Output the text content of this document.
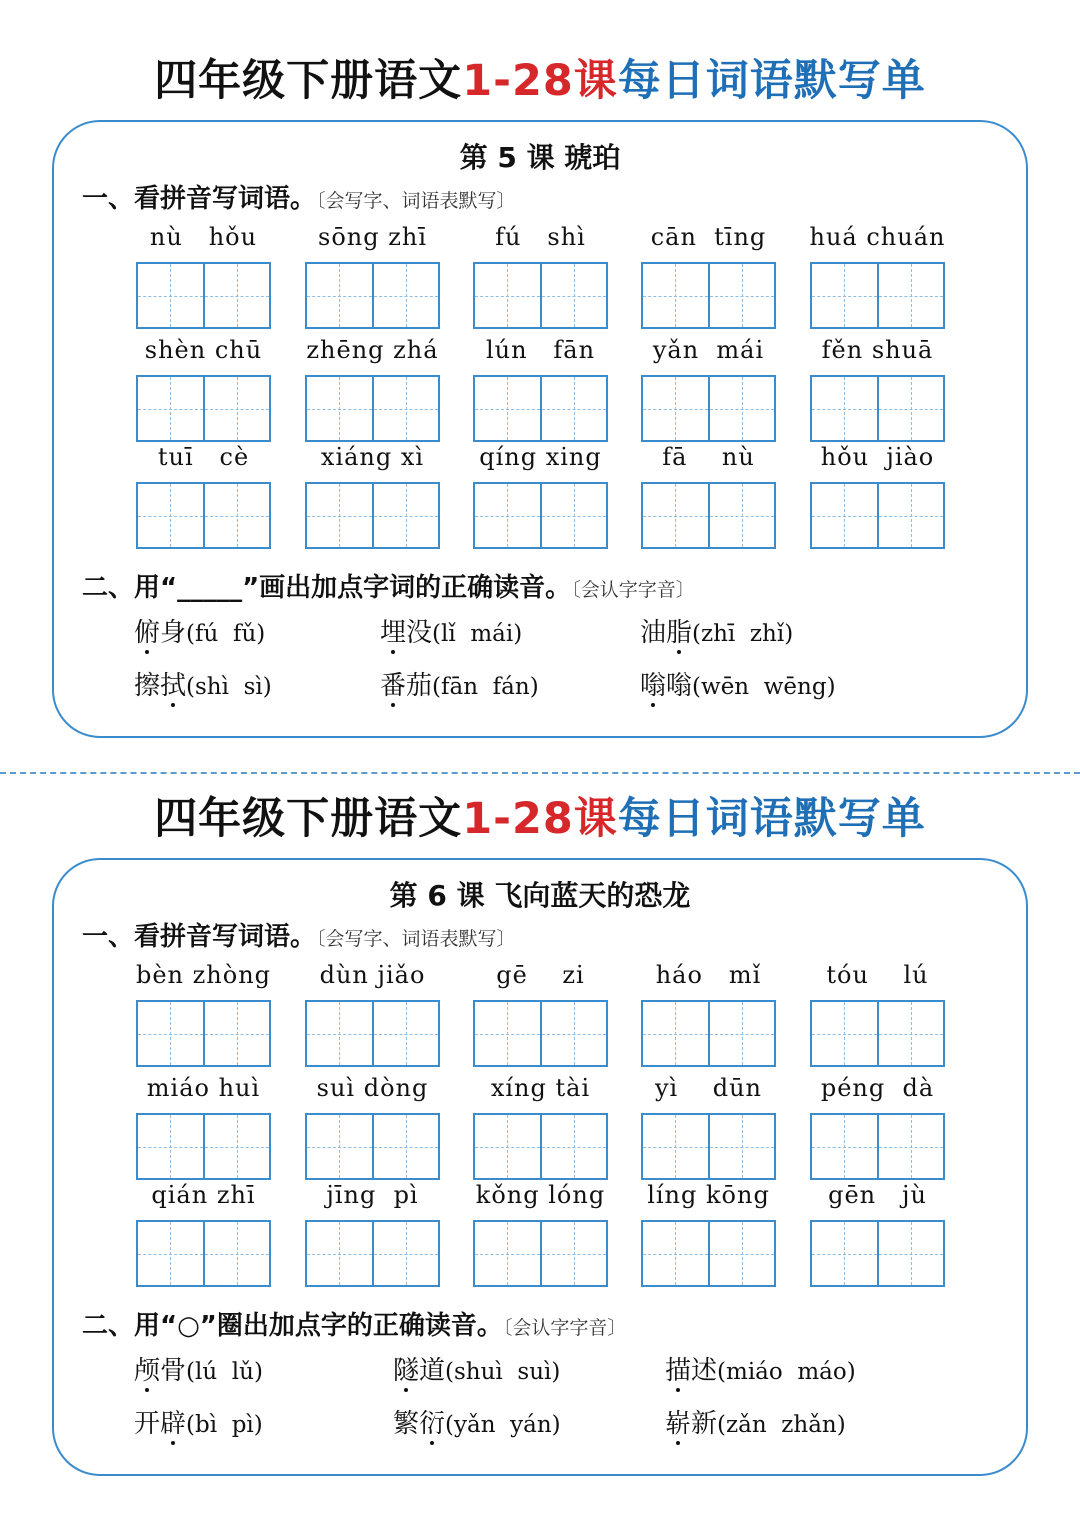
四年级下册语文1-28课每日词语默写单
第 5 课 琥珀
一、看拼音写词语。〔会写字、词语表默写〕
nù   hǒu	sōng zhī	fú   shì	cān  tīng	huá chuán
shèn chū	zhēng zhá	lún   fān	yǎn  mái	fěn shuā
tuī   cè	xiáng xì	qíng xing	fā    nù	hǒu  jiào
二、用“_____”画出加点字词的正确读音。〔会认字字音〕
俯身(fú  fǔ)	埋没(lǐ  mái)	油脂(zhī  zhǐ)
擦拭(shì  sì)	番茄(fān  fán)	嗡嗡(wēn  wēng)
四年级下册语文1-28课每日词语默写单
第 6 课 飞向蓝天的恐龙
一、看拼音写词语。〔会写字、词语表默写〕
bèn zhòng	dùn jiǎo	gē    zi	háo   mǐ	tóu    lú
miáo huì	suì dòng	xíng tài	yì    dūn	péng  dà
qián zhī	jīng  pì	kǒng lóng	líng kōng	gēn   jù
二、用“○”圈出加点字的正确读音。〔会认字字音〕
颅骨(lú  lǔ)	隧道(shuì  suì)	描述(miáo  máo)
开辟(bì  pì)	繁衍(yǎn  yán)	崭新(zǎn  zhǎn)
